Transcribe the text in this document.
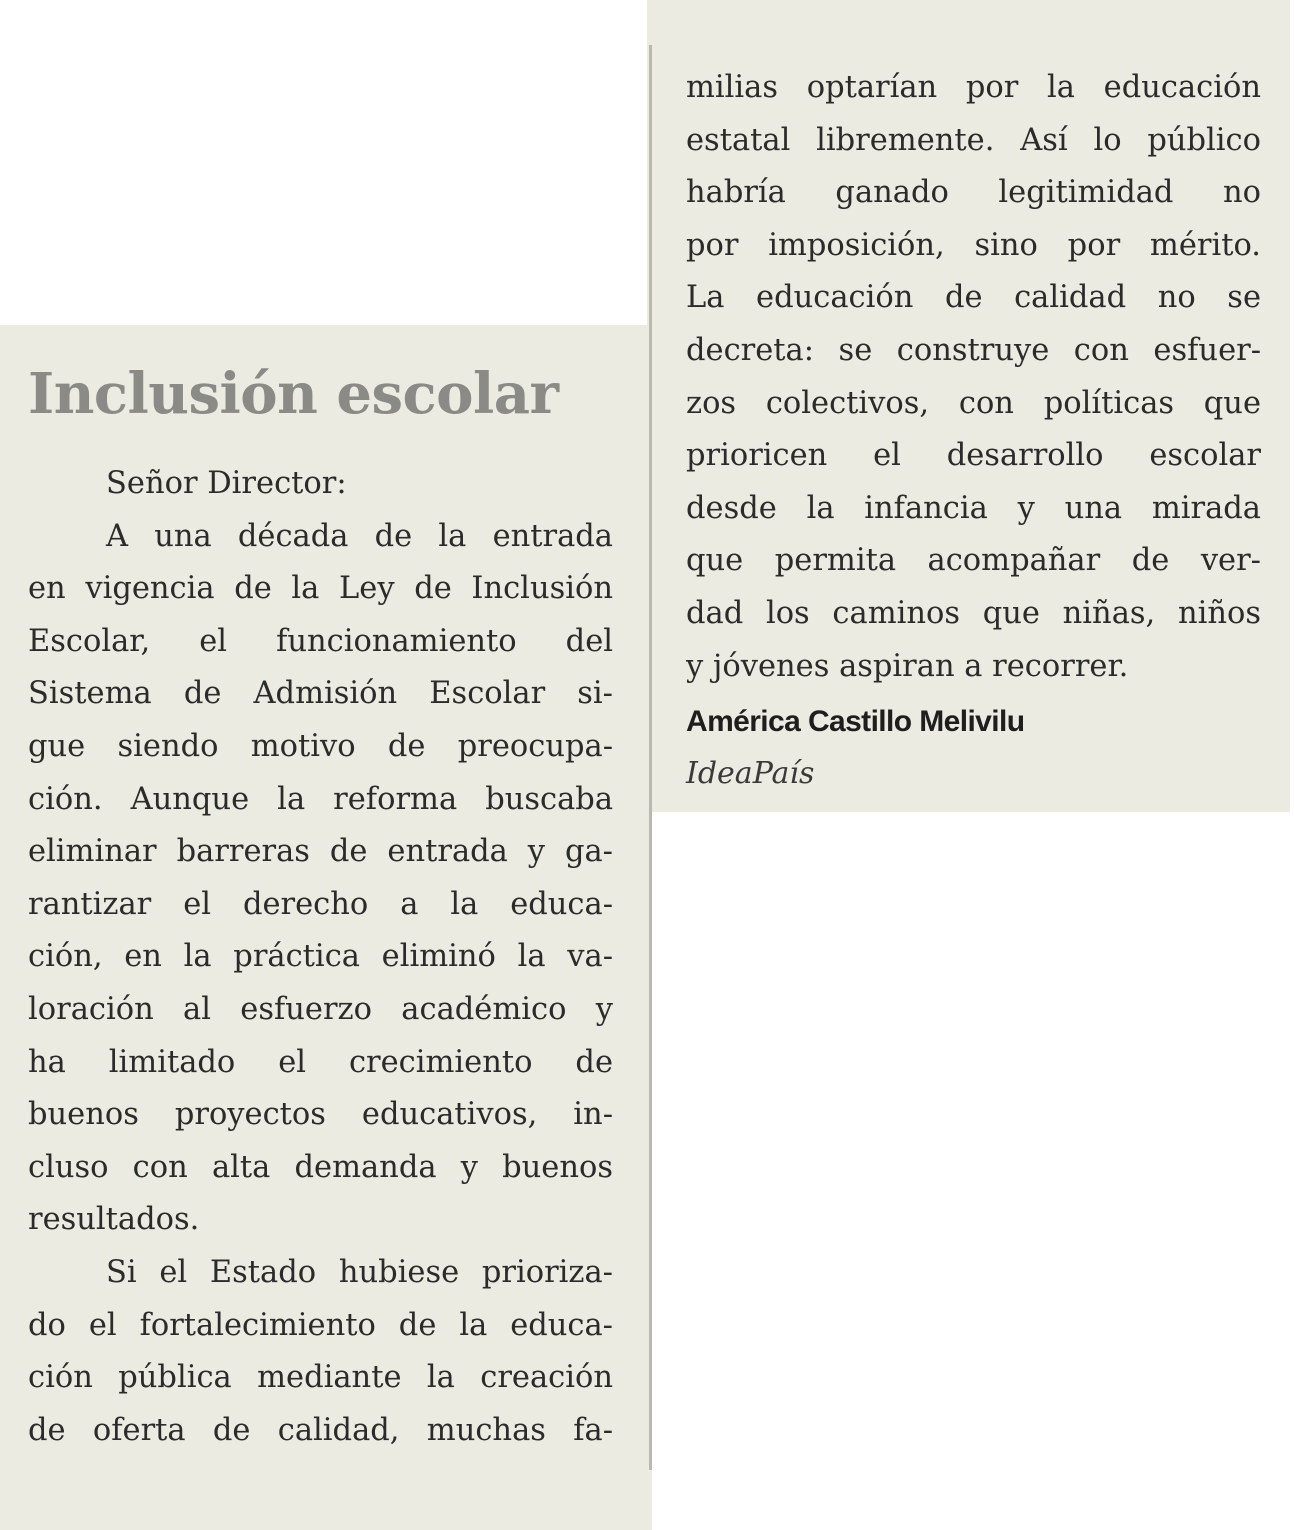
Inclusión escolar
Señor Director:
A una década de la entrada
en vigencia de la Ley de Inclusión
Escolar, el funcionamiento del
Sistema de Admisión Escolar si-
gue siendo motivo de preocupa-
ción. Aunque la reforma buscaba
eliminar barreras de entrada y ga-
rantizar el derecho a la educa-
ción, en la práctica eliminó la va-
loración al esfuerzo académico y
ha limitado el crecimiento de
buenos proyectos educativos, in-
cluso con alta demanda y buenos
resultados.
Si el Estado hubiese prioriza-
do el fortalecimiento de la educa-
ción pública mediante la creación
de oferta de calidad, muchas fa-
milias optarían por la educación
estatal libremente. Así lo público
habría ganado legitimidad no
por imposición, sino por mérito.
La educación de calidad no se
decreta: se construye con esfuer-
zos colectivos, con políticas que
prioricen el desarrollo escolar
desde la infancia y una mirada
que permita acompañar de ver-
dad los caminos que niñas, niños
y jóvenes aspiran a recorrer.
América Castillo Melivilu
IdeaPaís
